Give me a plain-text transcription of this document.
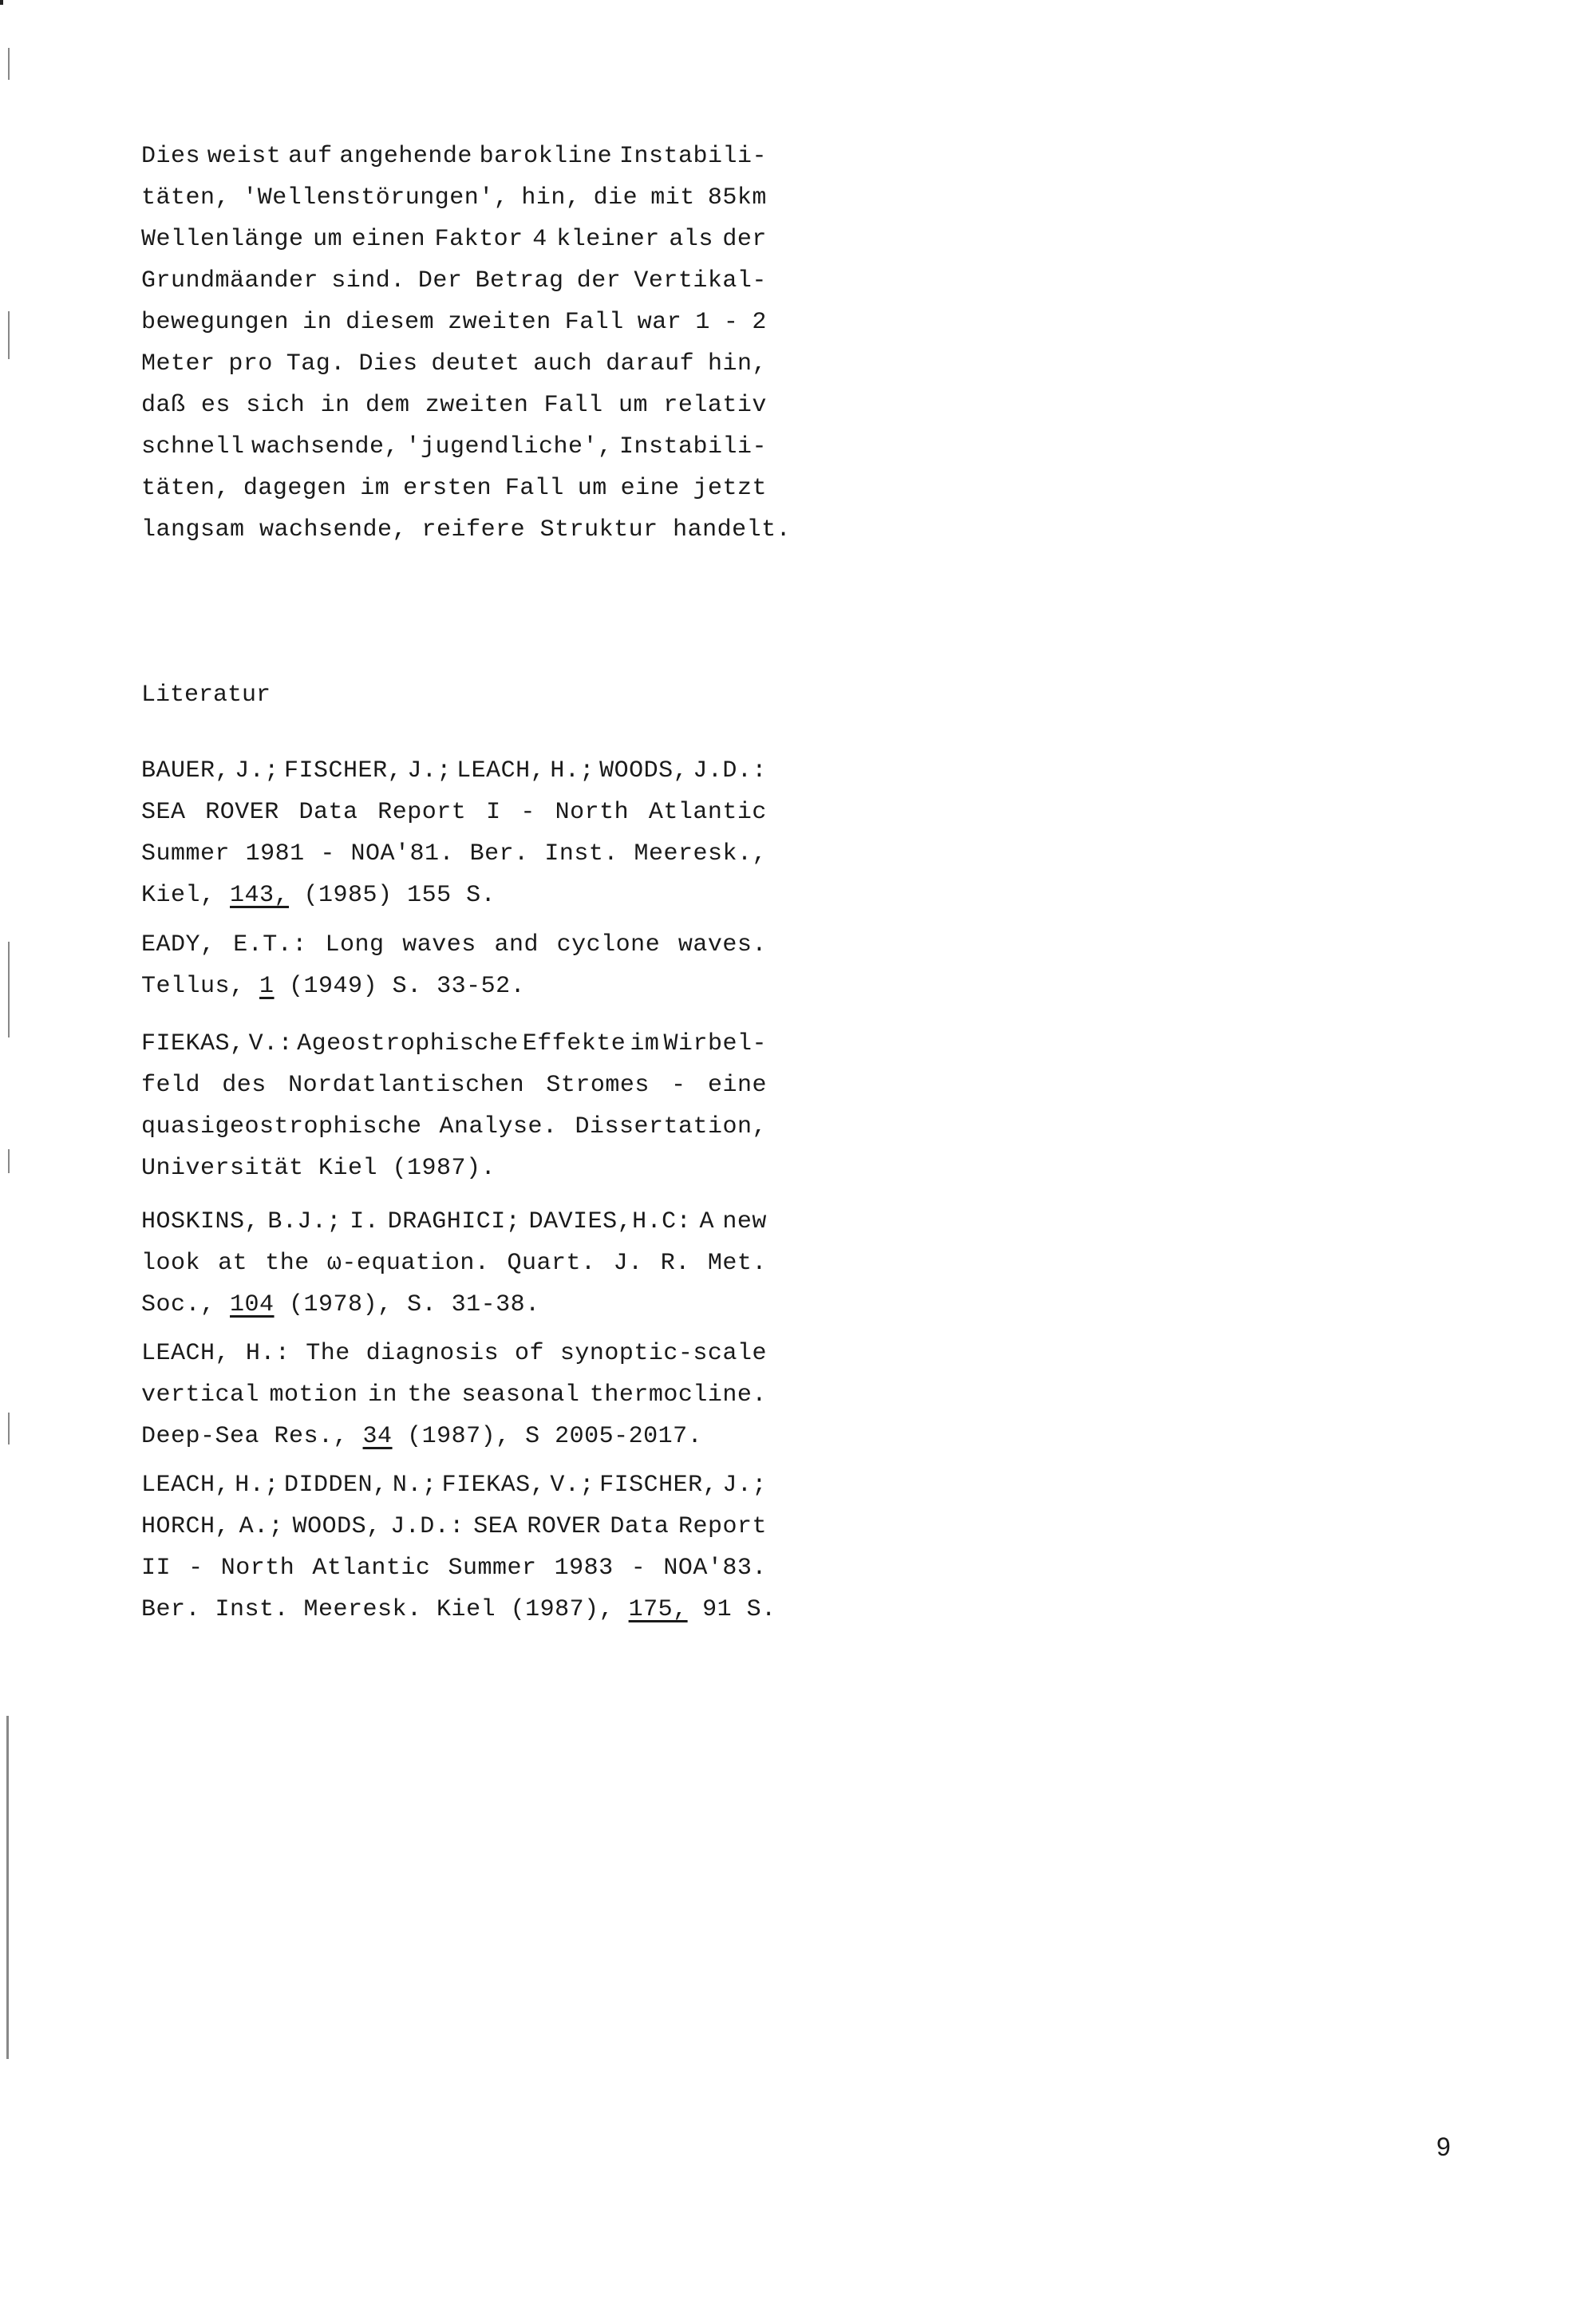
Dies weist auf angehende barokline Instabili-
täten, 'Wellenstörungen', hin, die mit 85km
Wellenlänge um einen Faktor 4 kleiner als der
Grundmäander sind. Der Betrag der Vertikal-
bewegungen in diesem zweiten Fall war 1 - 2
Meter pro Tag. Dies deutet auch darauf hin,
daß es sich in dem zweiten Fall um relativ
schnell wachsende, 'jugendliche', Instabili-
täten, dagegen im ersten Fall um eine jetzt
langsam wachsende, reifere Struktur handelt.
Literatur
BAUER, J.; FISCHER, J.; LEACH, H.; WOODS, J.D.:
SEA ROVER Data Report I - North Atlantic
Summer 1981 - NOA'81. Ber. Inst. Meeresk.,
Kiel, 143, (1985) 155 S.
EADY, E.T.: Long waves and cyclone waves.
Tellus, 1 (1949) S. 33-52.
FIEKAS, V.: Ageostrophische Effekte im Wirbel-
feld des Nordatlantischen Stromes - eine
quasigeostrophische Analyse. Dissertation,
Universität Kiel (1987).
HOSKINS, B.J.; I. DRAGHICI; DAVIES,H.C: A new
look at the ω-equation. Quart. J. R. Met.
Soc., 104 (1978), S. 31-38.
LEACH, H.: The diagnosis of synoptic-scale
vertical motion in the seasonal thermocline.
Deep-Sea Res., 34 (1987), S 2005-2017.
LEACH, H.; DIDDEN, N.; FIEKAS, V.; FISCHER, J.;
HORCH, A.; WOODS, J.D.: SEA ROVER Data Report
II - North Atlantic Summer 1983 - NOA'83.
Ber. Inst. Meeresk. Kiel (1987), 175, 91 S.
9
